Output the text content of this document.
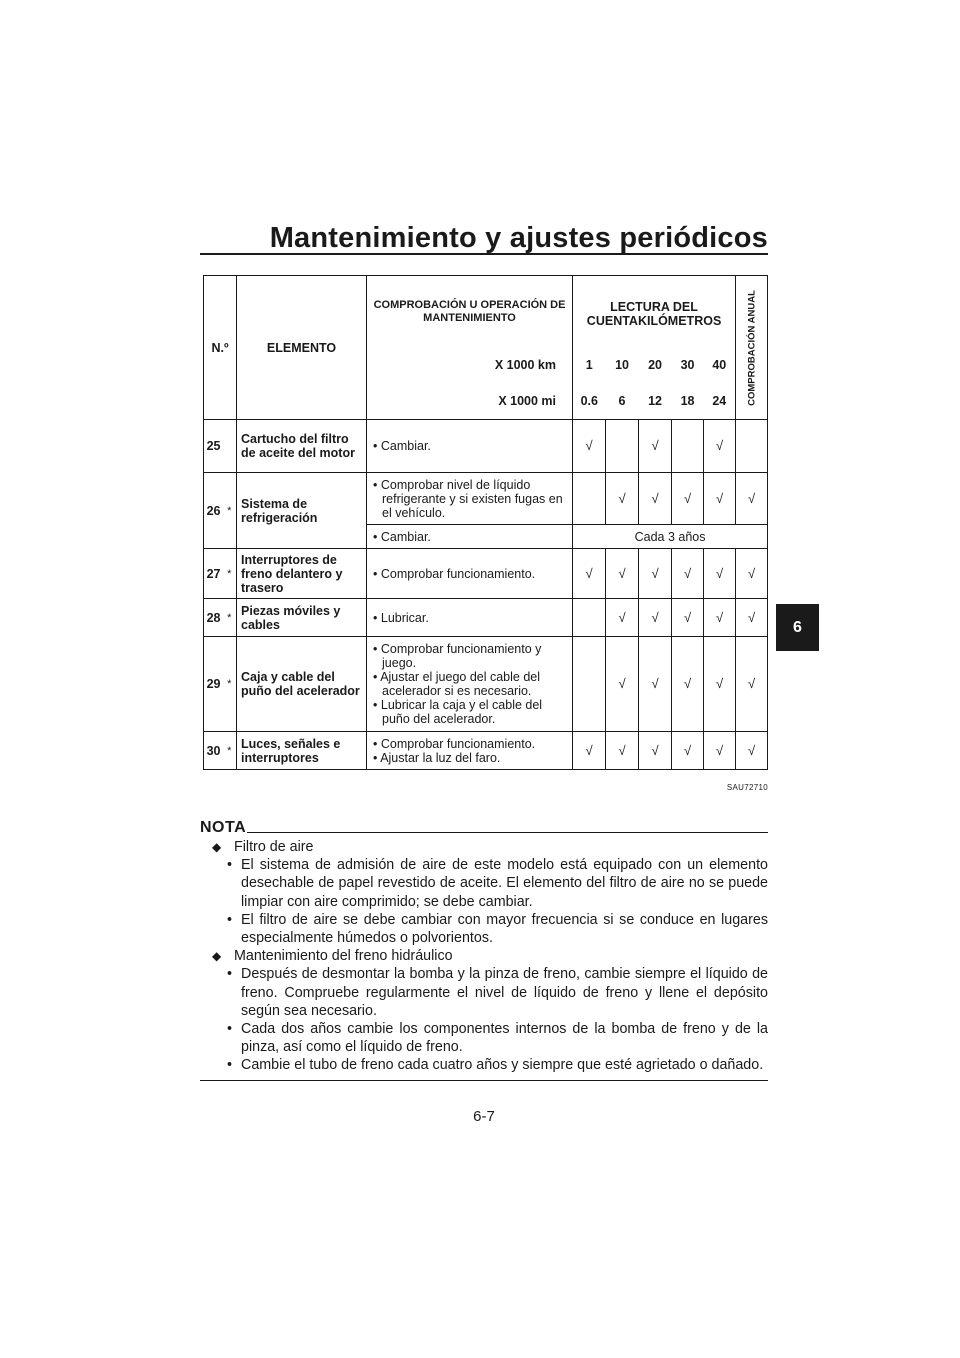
Mantenimiento y ajustes periódicos
6
N.º		ELEMENTO	COMPROBACIÓN U OPERACIÓN DE MANTENIMIENTO	LECTURA DEL CUENTAKILÓMETROS					COMPROBACIÓN ANUAL

			X 1000 km	1	10	20	30	40	
			X 1000 mi	0.6	6	12	18	24	
25		Cartucho del filtro de aceite del motor	• Cambiar.	√		√		√	
26	*	Sistema de refrigeración	• Comprobar nivel de líquido refrigerante y si existen fugas en el vehículo.		√	√	√	√	√

			• Cambiar.	Cada 3 años					
27	*	Interruptores de freno delantero y trasero	• Comprobar funcionamiento.	√	√	√	√	√	√
28	*	Piezas móviles y cables	• Lubricar.		√	√	√	√	√
29	*	Caja y cable del puño del acelerador	• Comprobar funcionamiento y juego.
• Ajustar el juego del cable del acelerador si es necesario.
• Lubricar la caja y el cable del puño del acelerador.		√	√	√	√	√
30	*	Luces, señales e interruptores	• Comprobar funcionamiento.
• Ajustar la luz del faro.	√	√	√	√	√	√
SAU72710
NOTA
◆ Filtro de aire
• El sistema de admisión de aire de este modelo está equipado con un elemento desechable de papel revestido de aceite. El elemento del filtro de aire no se puede limpiar con aire comprimido; se debe cambiar.
• El filtro de aire se debe cambiar con mayor frecuencia si se conduce en lugares especialmente húmedos o polvorientos.
◆ Mantenimiento del freno hidráulico
• Después de desmontar la bomba y la pinza de freno, cambie siempre el líquido de freno. Compruebe regularmente el nivel de líquido de freno y llene el depósito según sea necesario.
• Cada dos años cambie los componentes internos de la bomba de freno y de la pinza, así como el líquido de freno.
• Cambie el tubo de freno cada cuatro años y siempre que esté agrietado o dañado.
6-7
